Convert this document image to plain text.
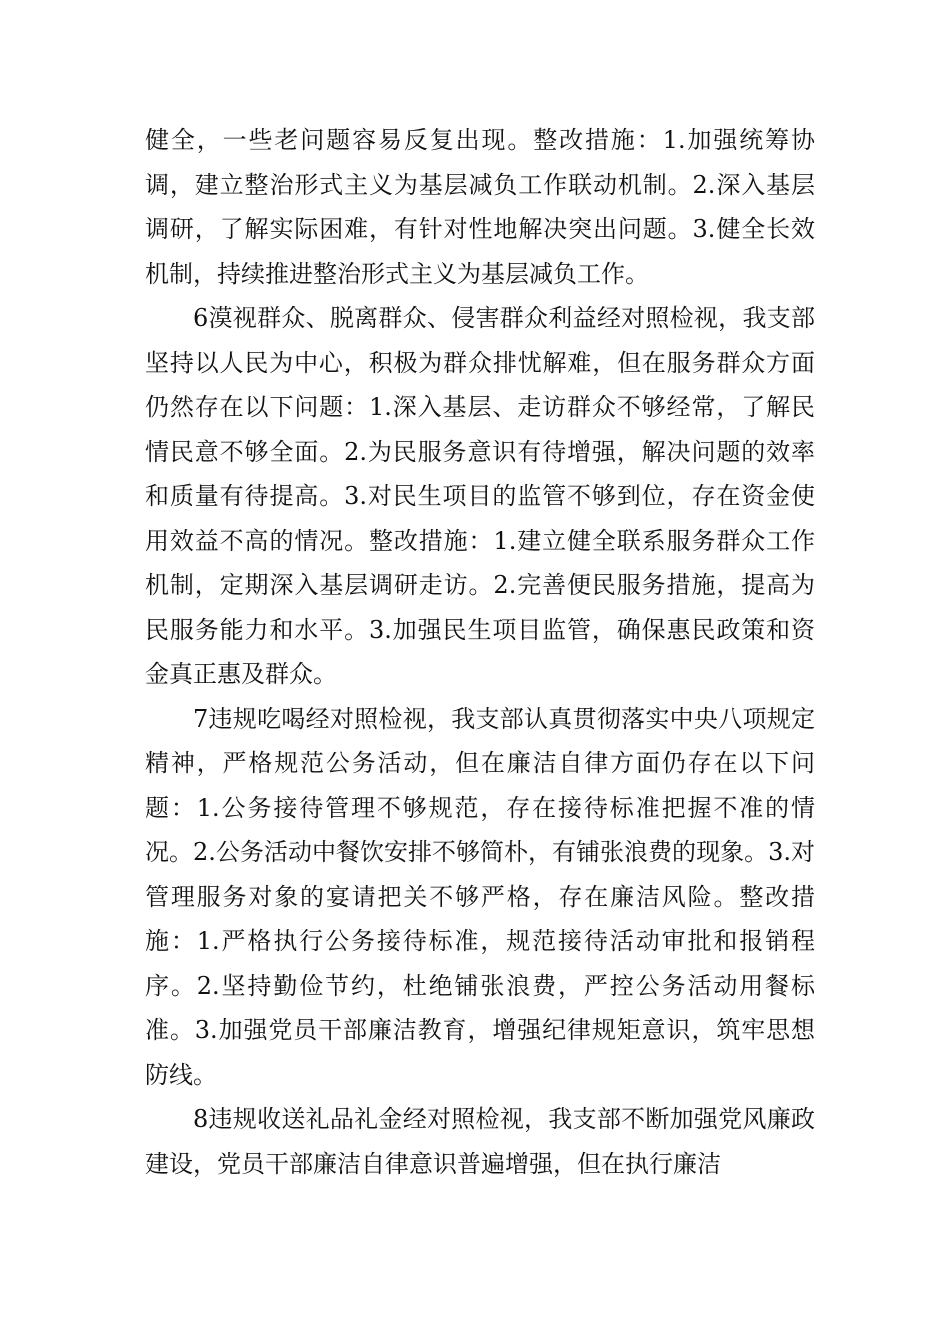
健全，一些老问题容易反复出现。整改措施：1.加强统筹协调，建立整治形式主义为基层减负工作联动机制。2.深入基层调研，了解实际困难，有针对性地解决突出问题。3.健全长效机制，持续推进整治形式主义为基层减负工作。

6漠视群众、脱离群众、侵害群众利益经对照检视，我支部坚持以人民为中心，积极为群众排忧解难，但在服务群众方面仍然存在以下问题：1.深入基层、走访群众不够经常，了解民情民意不够全面。2.为民服务意识有待增强，解决问题的效率和质量有待提高。3.对民生项目的监管不够到位，存在资金使用效益不高的情况。整改措施：1.建立健全联系服务群众工作机制，定期深入基层调研走访。2.完善便民服务措施，提高为民服务能力和水平。3.加强民生项目监管，确保惠民政策和资金真正惠及群众。

7违规吃喝经对照检视，我支部认真贯彻落实中央八项规定精神，严格规范公务活动，但在廉洁自律方面仍存在以下问题：1.公务接待管理不够规范，存在接待标准把握不准的情况。2.公务活动中餐饮安排不够简朴，有铺张浪费的现象。3.对管理服务对象的宴请把关不够严格，存在廉洁风险。整改措施：1.严格执行公务接待标准，规范接待活动审批和报销程序。2.坚持勤俭节约，杜绝铺张浪费，严控公务活动用餐标准。3.加强党员干部廉洁教育，增强纪律规矩意识，筑牢思想防线。

8违规收送礼品礼金经对照检视，我支部不断加强党风廉政建设，党员干部廉洁自律意识普遍增强，但在执行廉洁
